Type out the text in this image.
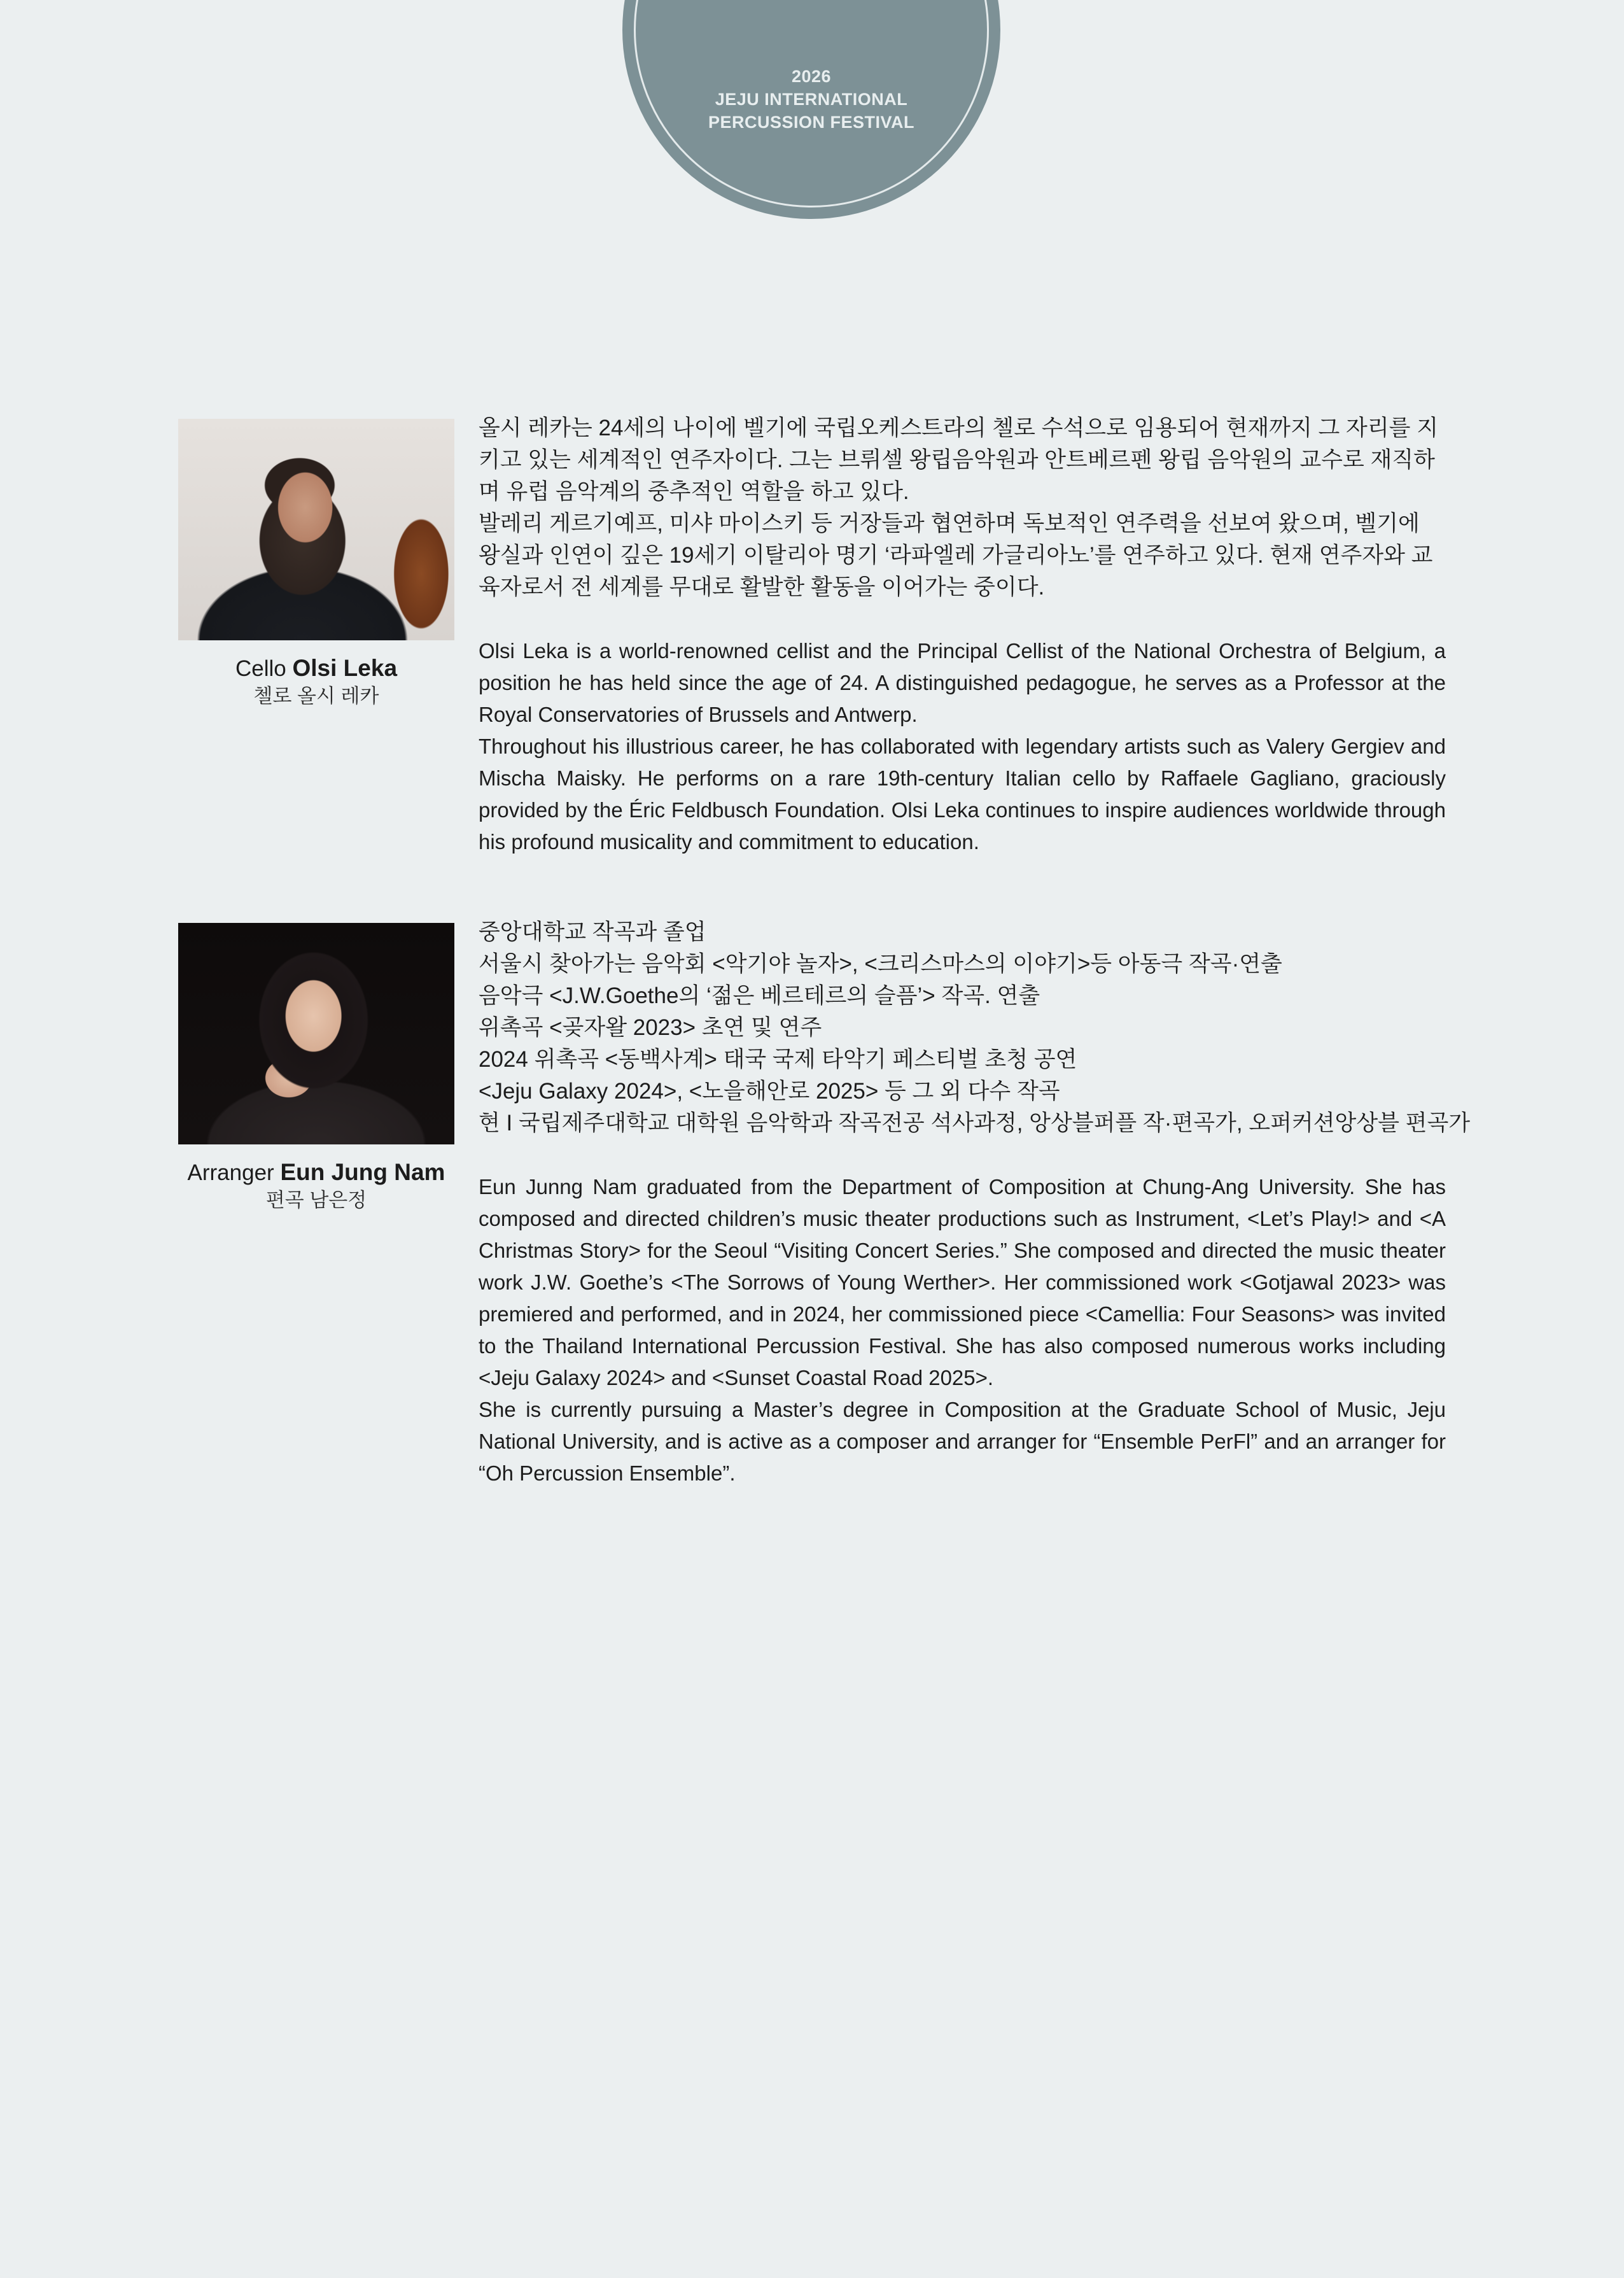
2026
JEJU INTERNATIONAL
PERCUSSION FESTIVAL
Cello Olsi Leka
첼로 올시 레카

올시 레카는 24세의 나이에 벨기에 국립오케스트라의 첼로 수석으로 임용되어 현재까지 그 자리를 지키고 있는 세계적인 연주자이다. 그는 브뤼셀 왕립음악원과 안트베르펜 왕립 음악원의 교수로 재직하며 유럽 음악계의 중추적인 역할을 하고 있다.

발레리 게르기예프, 미샤 마이스키 등 거장들과 협연하며 독보적인 연주력을 선보여 왔으며, 벨기에 왕실과 인연이 깊은 19세기 이탈리아 명기 ‘라파엘레 가글리아노’를 연주하고 있다. 현재 연주자와 교육자로서 전 세계를 무대로 활발한 활동을 이어가는 중이다.

Olsi Leka is a world-renowned cellist and the Principal Cellist of the National Orchestra of Belgium, a position he has held since the age of 24. A distinguished pedagogue, he serves as a Professor at the Royal Conservatories of Brussels and Antwerp.

Throughout his illustrious career, he has collaborated with legendary artists such as Valery Gergiev and Mischa Maisky. He performs on a rare 19th-century Italian cello by Raffaele Gagliano, graciously provided by the Éric Feldbusch Foundation. Olsi Leka continues to inspire audiences worldwide through his profound musicality and commitment to education.

Arranger Eun Jung Nam
편곡 남은정
중앙대학교 작곡과 졸업
서울시 찾아가는 음악회 <악기야 놀자>, <크리스마스의 이야기>등 아동극 작곡·연출
음악극 <J.W.Goethe의 ‘젊은 베르테르의 슬픔’> 작곡. 연출
위촉곡 <곶자왈 2023> 초연 및 연주
2024 위촉곡 <동백사계> 태국 국제 타악기 페스티벌 초청 공연
<Jeju Galaxy 2024>, <노을해안로 2025> 등 그 외 다수 작곡
현 I 국립제주대학교 대학원 음악학과 작곡전공 석사과정, 앙상블퍼플 작·편곡가, 오퍼커션앙상블 편곡가

Eun Junng Nam graduated from the Department of Composition at Chung-Ang University. She has composed and directed children’s music theater productions such as Instrument, <Let’s Play!> and <A Christmas Story> for the Seoul “Visiting Concert Series.” She composed and directed the music theater work J.W. Goethe’s <The Sorrows of Young Werther>. Her commissioned work <Gotjawal 2023> was premiered and performed, and in 2024, her commissioned piece <Camellia: Four Seasons> was invited to the Thailand International Percussion Festival. She has also composed numerous works including <Jeju Galaxy 2024> and <Sunset Coastal Road 2025>.

She is currently pursuing a Master’s degree in Composition at the Graduate School of Music, Jeju National University, and is active as a composer and arranger for “Ensemble PerFl” and an arranger for “Oh Percussion Ensemble”.
